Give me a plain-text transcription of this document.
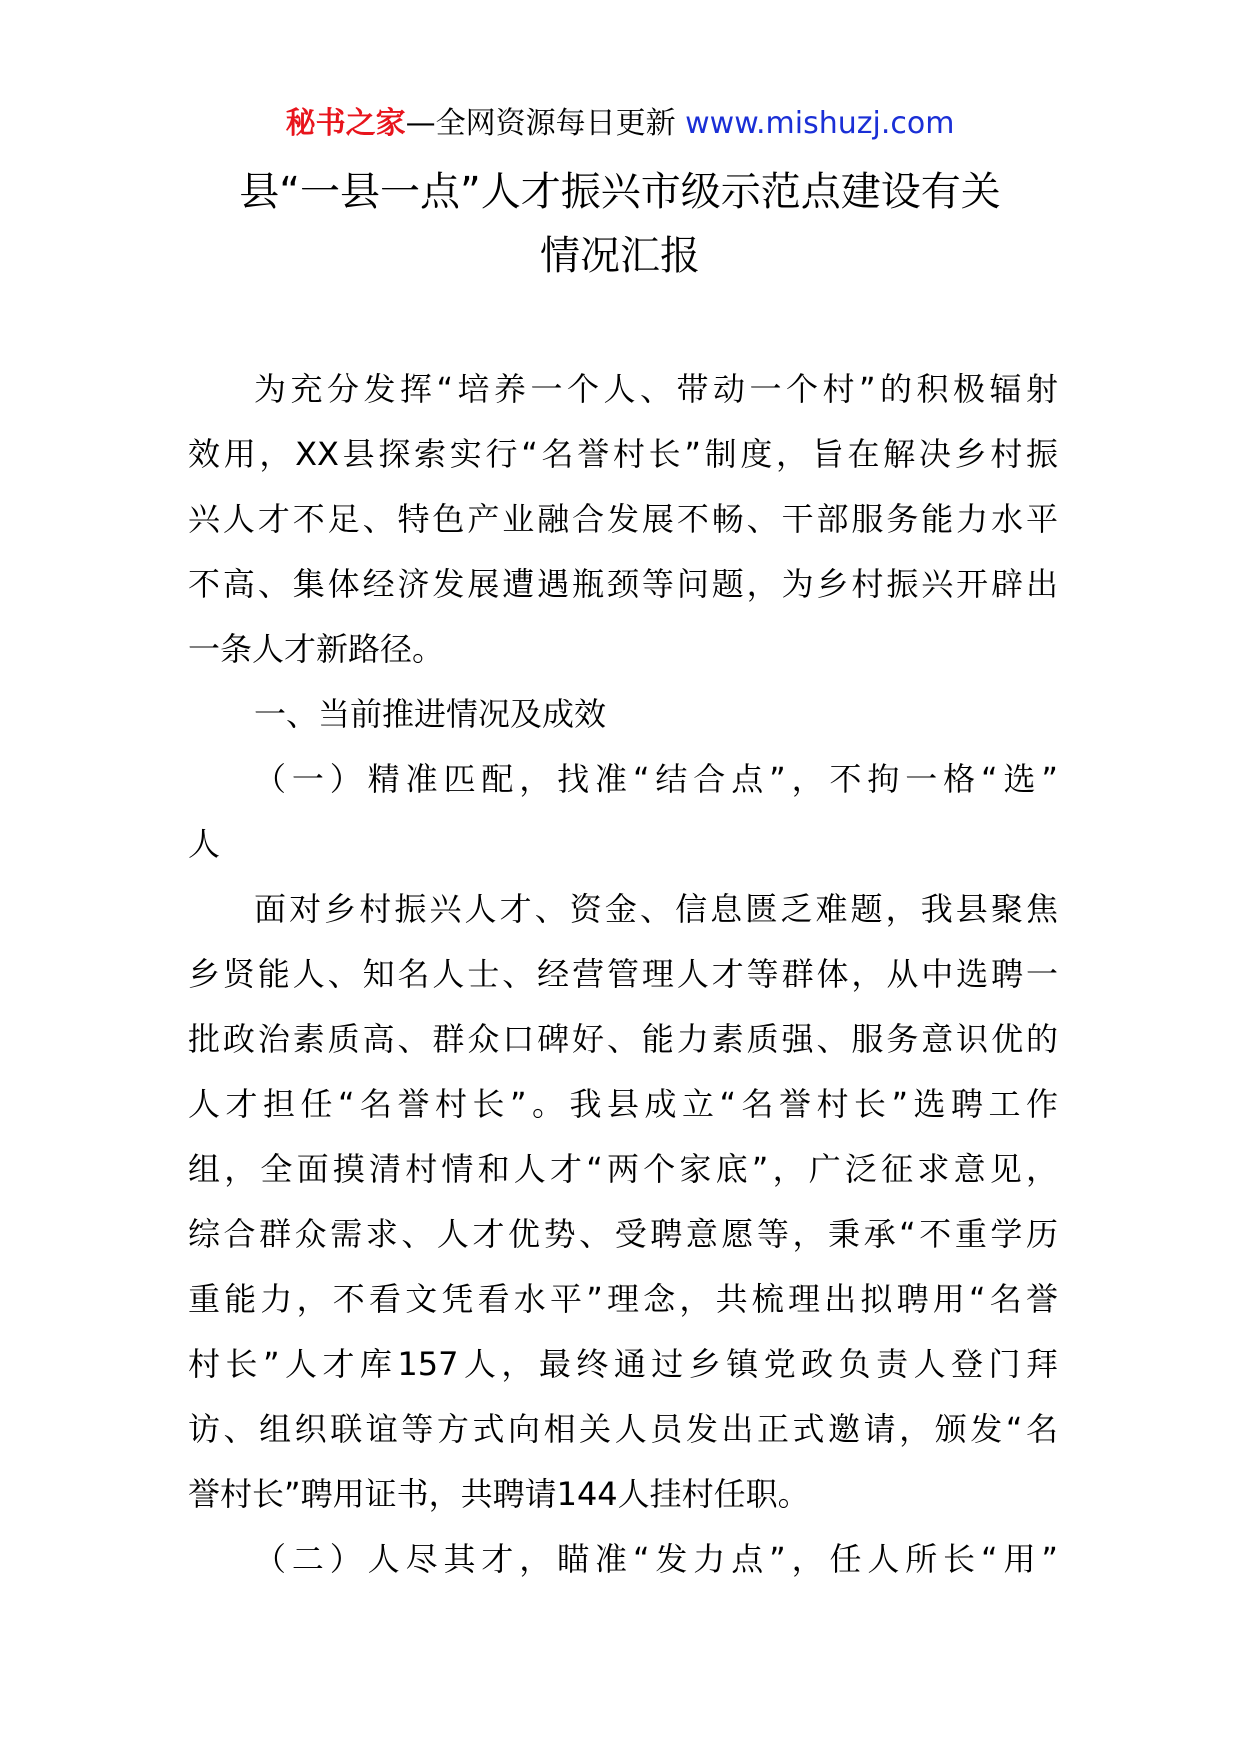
秘书之家—全网资源每日更新 www.mishuzj.com
县“一县一点”人才振兴市级示范点建设有关
情况汇报
为充分发挥“培养一个人、带动一个村”的积极辐射
效用，XX县探索实行“名誉村长”制度，旨在解决乡村振
兴人才不足、特色产业融合发展不畅、干部服务能力水平
不高、集体经济发展遭遇瓶颈等问题，为乡村振兴开辟出
一条人才新路径。
一、当前推进情况及成效
（一）精准匹配，找准“结合点”，不拘一格“选”
人
面对乡村振兴人才、资金、信息匮乏难题，我县聚焦
乡贤能人、知名人士、经营管理人才等群体，从中选聘一
批政治素质高、群众口碑好、能力素质强、服务意识优的
人才担任“名誉村长”。我县成立“名誉村长”选聘工作
组，全面摸清村情和人才“两个家底”，广泛征求意见，
综合群众需求、人才优势、受聘意愿等，秉承“不重学历
重能力，不看文凭看水平”理念，共梳理出拟聘用“名誉
村长”人才库157人，最终通过乡镇党政负责人登门拜
访、组织联谊等方式向相关人员发出正式邀请，颁发“名
誉村长”聘用证书，共聘请144人挂村任职。
（二）人尽其才，瞄准“发力点”，任人所长“用”
